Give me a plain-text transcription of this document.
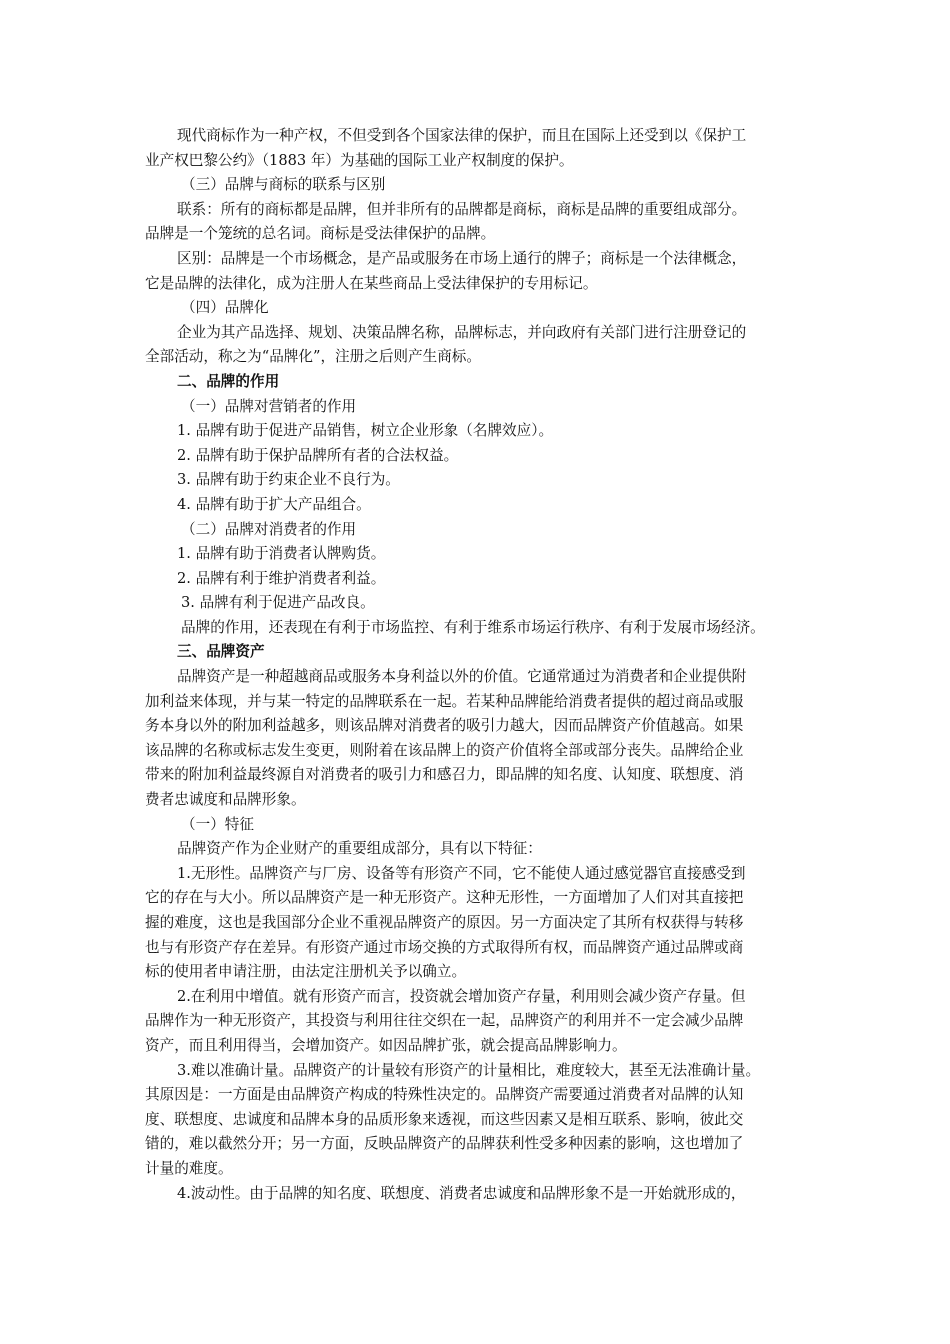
现代商标作为一种产权，不但受到各个国家法律的保护，而且在国际上还受到以《保护工
业产权巴黎公约》（1883 年）为基础的国际工业产权制度的保护。
（三）品牌与商标的联系与区别
联系：所有的商标都是品牌，但并非所有的品牌都是商标，商标是品牌的重要组成部分。
品牌是一个笼统的总名词。商标是受法律保护的品牌。
区别：品牌是一个市场概念，是产品或服务在市场上通行的牌子；商标是一个法律概念，
它是品牌的法律化，成为注册人在某些商品上受法律保护的专用标记。
（四）品牌化
企业为其产品选择、规划、决策品牌名称，品牌标志，并向政府有关部门进行注册登记的
全部活动，称之为“品牌化”，注册之后则产生商标。
二、品牌的作用
（一）品牌对营销者的作用
1. 品牌有助于促进产品销售，树立企业形象（名牌效应）。
2. 品牌有助于保护品牌所有者的合法权益。
3. 品牌有助于约束企业不良行为。
4. 品牌有助于扩大产品组合。
（二）品牌对消费者的作用
1. 品牌有助于消费者认牌购货。
2. 品牌有利于维护消费者利益。
3. 品牌有利于促进产品改良。
品牌的作用，还表现在有利于市场监控、有利于维系市场运行秩序、有利于发展市场经济。
三、品牌资产
品牌资产是一种超越商品或服务本身利益以外的价值。它通常通过为消费者和企业提供附
加利益来体现，并与某一特定的品牌联系在一起。若某种品牌能给消费者提供的超过商品或服
务本身以外的附加利益越多，则该品牌对消费者的吸引力越大，因而品牌资产价值越高。如果
该品牌的名称或标志发生变更，则附着在该品牌上的资产价值将全部或部分丧失。品牌给企业
带来的附加利益最终源自对消费者的吸引力和感召力，即品牌的知名度、认知度、联想度、消
费者忠诚度和品牌形象。
（一）特征
品牌资产作为企业财产的重要组成部分，具有以下特征：
1.无形性。品牌资产与厂房、设备等有形资产不同，它不能使人通过感觉器官直接感受到
它的存在与大小。所以品牌资产是一种无形资产。这种无形性，一方面增加了人们对其直接把
握的难度，这也是我国部分企业不重视品牌资产的原因。另一方面决定了其所有权获得与转移
也与有形资产存在差异。有形资产通过市场交换的方式取得所有权，而品牌资产通过品牌或商
标的使用者申请注册，由法定注册机关予以确立。
2.在利用中增值。就有形资产而言，投资就会增加资产存量，利用则会减少资产存量。但
品牌作为一种无形资产，其投资与利用往往交织在一起，品牌资产的利用并不一定会减少品牌
资产，而且利用得当，会增加资产。如因品牌扩张，就会提高品牌影响力。
3.难以准确计量。品牌资产的计量较有形资产的计量相比，难度较大，甚至无法准确计量。
其原因是：一方面是由品牌资产构成的特殊性决定的。品牌资产需要通过消费者对品牌的认知
度、联想度、忠诚度和品牌本身的品质形象来透视，而这些因素又是相互联系、影响，彼此交
错的，难以截然分开；另一方面，反映品牌资产的品牌获利性受多种因素的影响，这也增加了
计量的难度。
4.波动性。由于品牌的知名度、联想度、消费者忠诚度和品牌形象不是一开始就形成的，
